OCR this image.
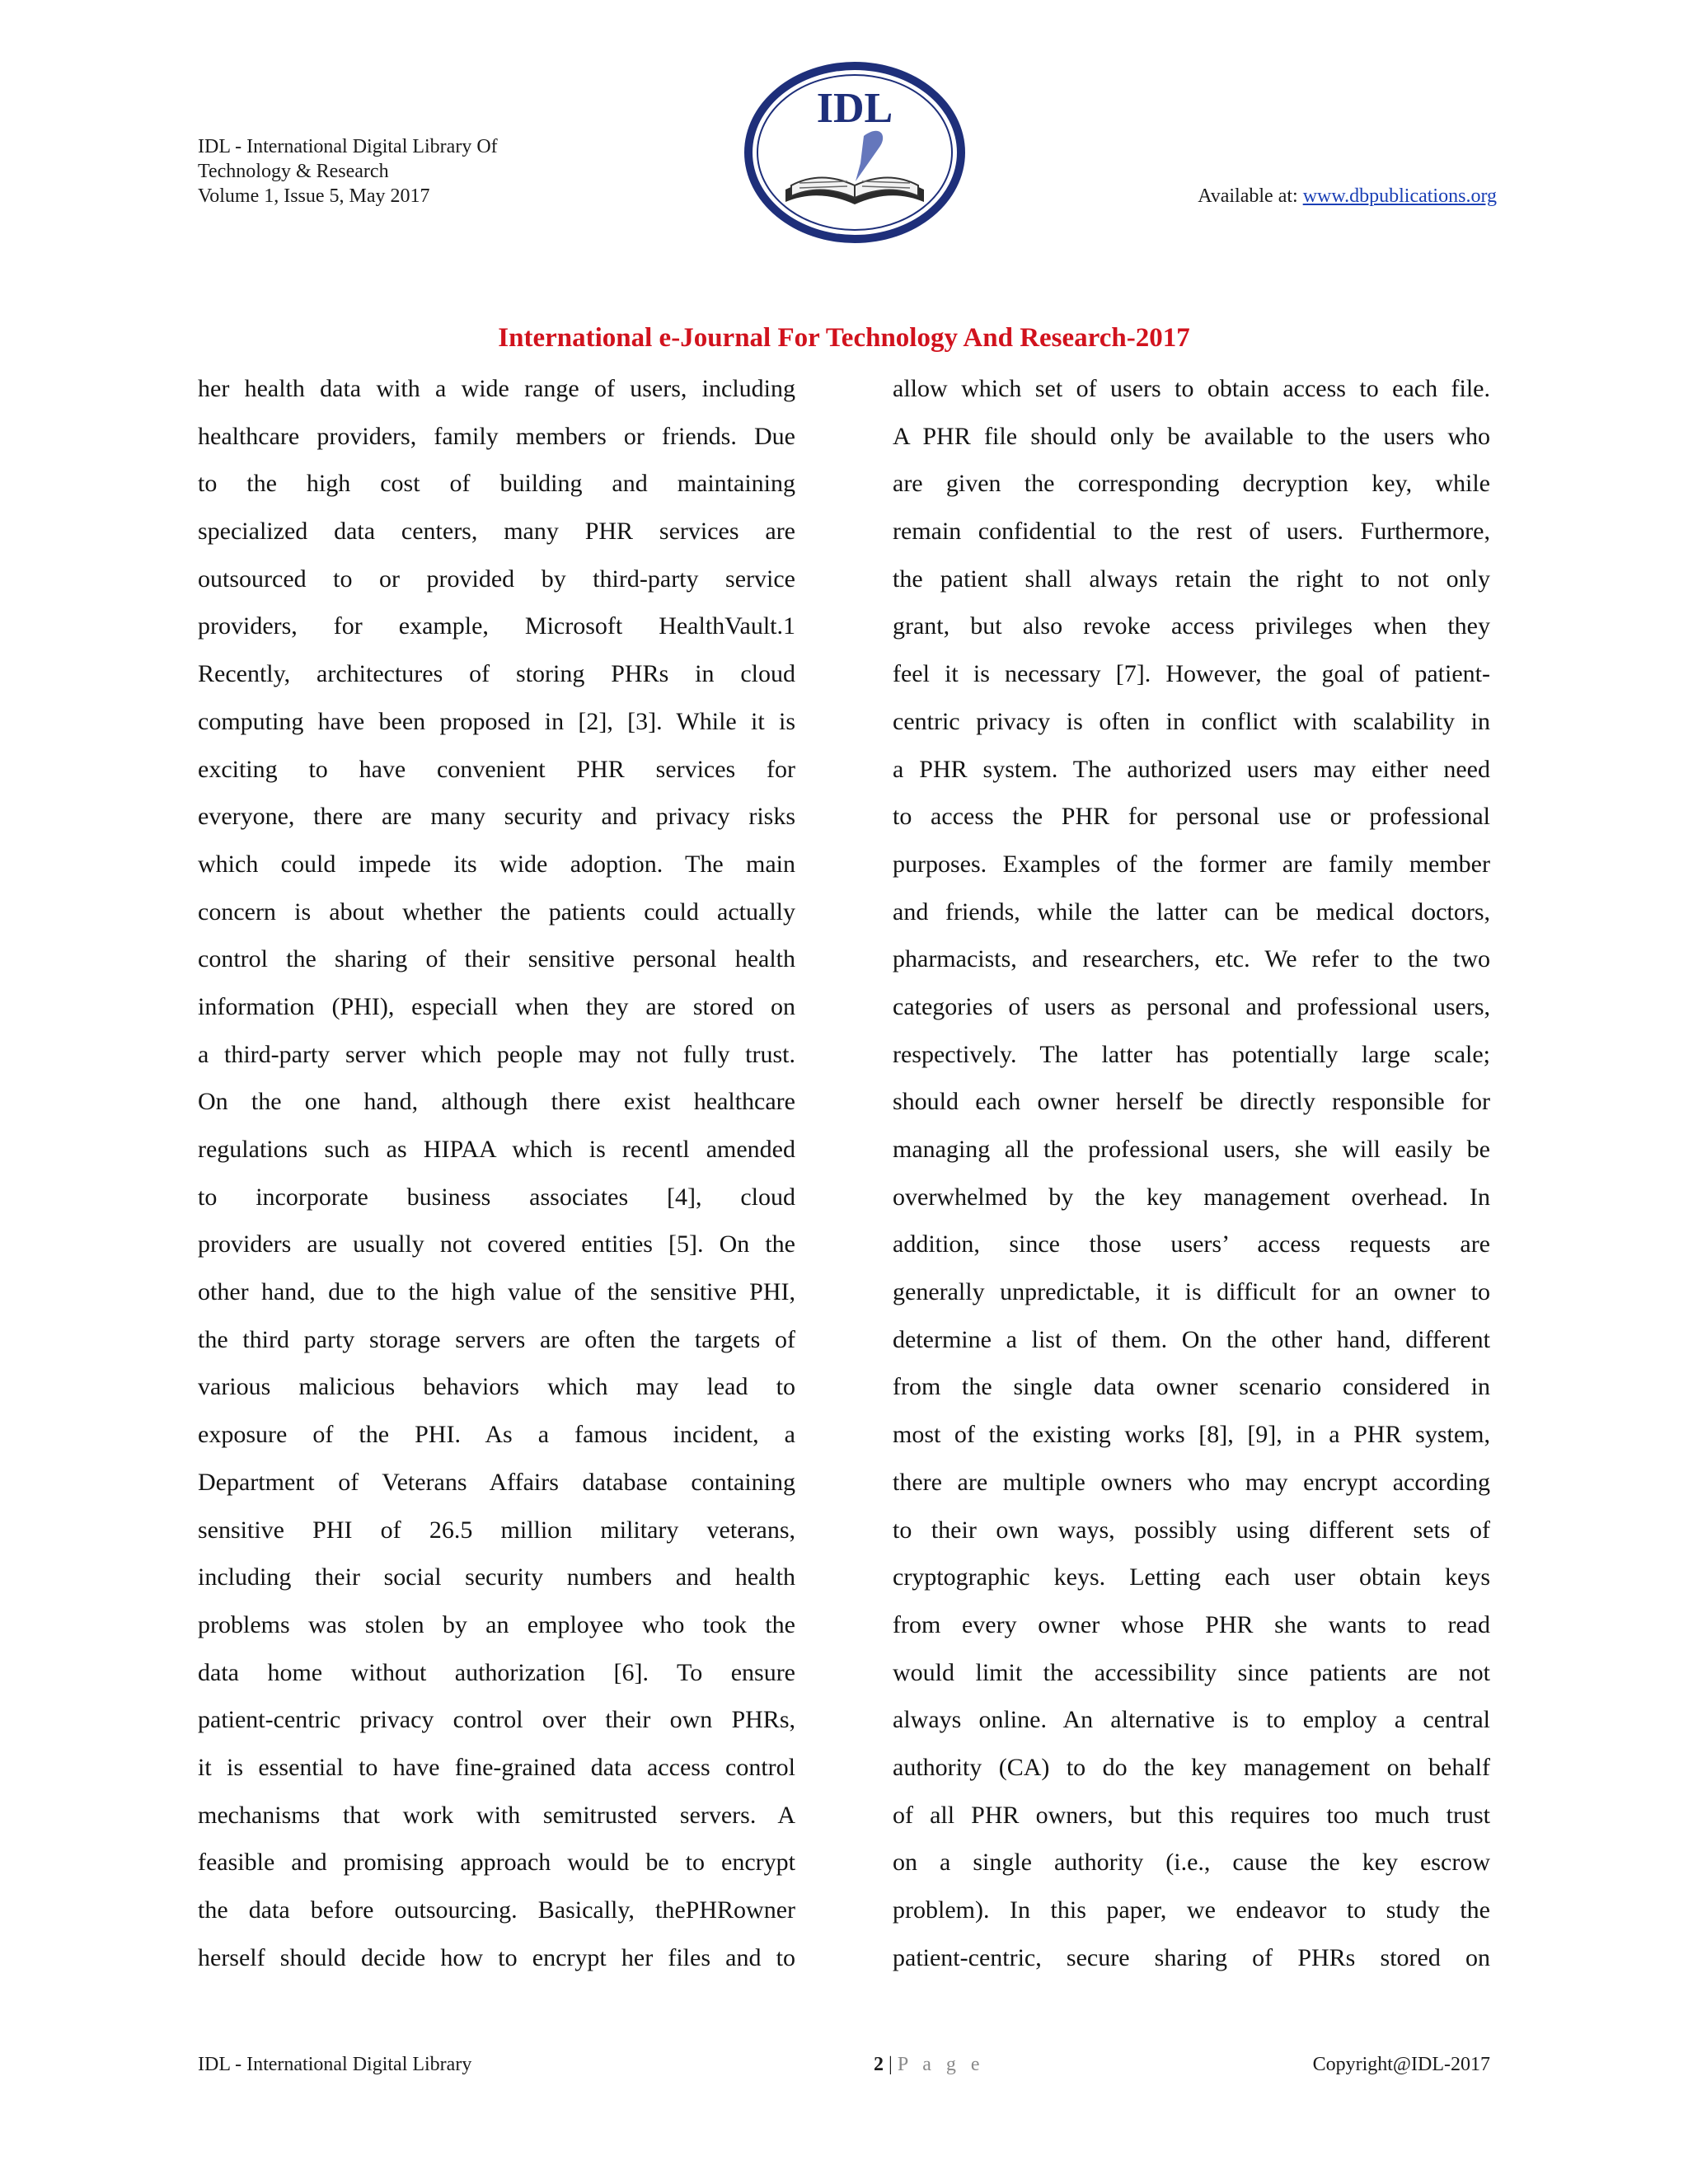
IDL - International Digital Library Of
Technology & Research
Volume 1, Issue 5, May 2017
IDL
Available at: www.dbpublications.org
International e-Journal For Technology And Research-2017
her health data with a wide range of users, including
healthcare providers, family members or friends. Due
to the high cost of building and maintaining
specialized data centers, many PHR services are
outsourced to or provided by third-party service
providers, for example, Microsoft HealthVault.1
Recently, architectures of storing PHRs in cloud
computing have been proposed in [2], [3]. While it is
exciting to have convenient PHR services for
everyone, there are many security and privacy risks
which could impede its wide adoption. The main
concern is about whether the patients could actually
control the sharing of their sensitive personal health
information (PHI), especiall when they are stored on
a third-party server which people may not fully trust.
On the one hand, although there exist healthcare
regulations such as HIPAA which is recentl amended
to incorporate business associates [4], cloud
providers are usually not covered entities [5]. On the
other hand, due to the high value of the sensitive PHI,
the third party storage servers are often the targets of
various malicious behaviors which may lead to
exposure of the PHI. As a famous incident, a
Department of Veterans Affairs database containing
sensitive PHI of 26.5 million military veterans,
including their social security numbers and health
problems was stolen by an employee who took the
data home without authorization [6]. To ensure
patient-centric privacy control over their own PHRs,
it is essential to have fine-grained data access control
mechanisms that work with semitrusted servers. A
feasible and promising approach would be to encrypt
the data before outsourcing. Basically, thePHRowner
herself should decide how to encrypt her files and to
allow which set of users to obtain access to each file.
A PHR file should only be available to the users who
are given the corresponding decryption key, while
remain confidential to the rest of users. Furthermore,
the patient shall always retain the right to not only
grant, but also revoke access privileges when they
feel it is necessary [7]. However, the goal of patient-
centric privacy is often in conflict with scalability in
a PHR system. The authorized users may either need
to access the PHR for personal use or professional
purposes. Examples of the former are family member
and friends, while the latter can be medical doctors,
pharmacists, and researchers, etc. We refer to the two
categories of users as personal and professional users,
respectively. The latter has potentially large scale;
should each owner herself be directly responsible for
managing all the professional users, she will easily be
overwhelmed by the key management overhead. In
addition, since those users’ access requests are
generally unpredictable, it is difficult for an owner to
determine a list of them. On the other hand, different
from the single data owner scenario considered in
most of the existing works [8], [9], in a PHR system,
there are multiple owners who may encrypt according
to their own ways, possibly using different sets of
cryptographic keys. Letting each user obtain keys
from every owner whose PHR she wants to read
would limit the accessibility since patients are not
always online. An alternative is to employ a central
authority (CA) to do the key management on behalf
of all PHR owners, but this requires too much trust
on a single authority (i.e., cause the key escrow
problem). In this paper, we endeavor to study the
patient-centric, secure sharing of PHRs stored on
IDL - International Digital Library	2 | P a g e	Copyright@IDL-2017
